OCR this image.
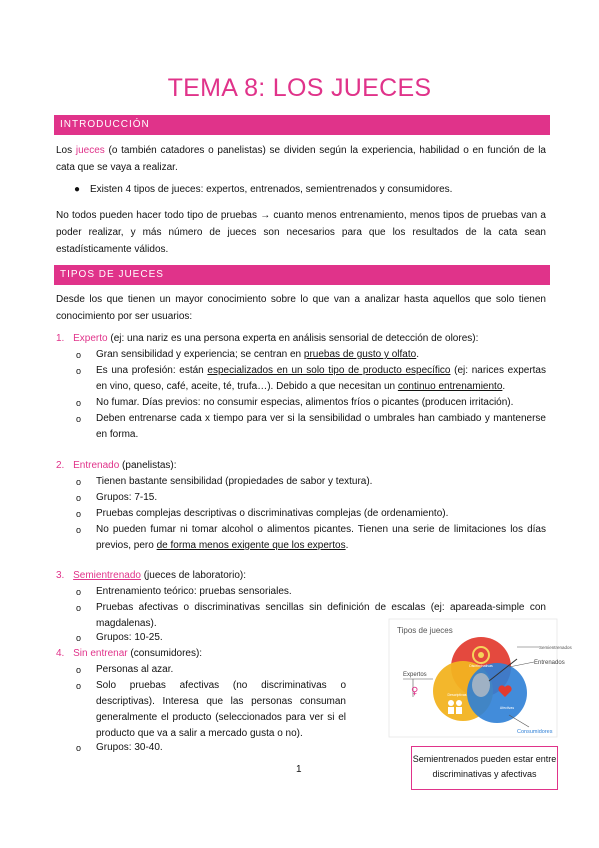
TEMA 8: LOS JUECES
INTRODUCCIÓN
Los jueces (o también catadores o panelistas) se dividen según la experiencia, habilidad o en función de la cata que se vaya a realizar.
● Existen 4 tipos de jueces: expertos, entrenados, semientrenados y consumidores.
No todos pueden hacer todo tipo de pruebas → cuanto menos entrenamiento, menos tipos de pruebas van a poder realizar, y más número de jueces son necesarios para que los resultados de la cata sean estadísticamente válidos.
TIPOS DE JUECES
Desde los que tienen un mayor conocimiento sobre lo que van a analizar hasta aquellos que solo tienen conocimiento por ser usuarios:
1. Experto (ej: una nariz es una persona experta en análisis sensorial de detección de olores):
o Gran sensibilidad y experiencia; se centran en pruebas de gusto y olfato.
o Es una profesión: están especializados en un solo tipo de producto específico (ej: narices expertas en vino, queso, café, aceite, té, trufa…). Debido a que necesitan un continuo entrenamiento.
o No fumar. Días previos: no consumir especias, alimentos fríos o picantes (producen irritación).
o Deben entrenarse cada x tiempo para ver si la sensibilidad o umbrales han cambiado y mantenerse en forma.
2. Entrenado (panelistas):
o Tienen bastante sensibilidad (propiedades de sabor y textura).
o Grupos: 7-15.
o Pruebas complejas descriptivas o discriminativas complejas (de ordenamiento).
o No pueden fumar ni tomar alcohol o alimentos picantes. Tienen una serie de limitaciones los días previos, pero de forma menos exigente que los expertos.
3. Semientrenado (jueces de laboratorio):
o Entrenamiento teórico: pruebas sensoriales.
o Pruebas afectivas o discriminativas sencillas sin definición de escalas (ej: apareada-simple con magdalenas).
o Grupos: 10-25.
4. Sin entrenar (consumidores):
o Personas al azar.
o Solo pruebas afectivas (no discriminativas o descriptivas). Interesa que las personas consuman generalmente el producto (seleccionados para ver si el producto que va a salir a mercado gusta o no).
o Grupos: 30-40.
Tipos de jueces
Discriminativas
Descriptivas
Afectivas
Semientrenados
Entrenados
Expertos
♀
Consumidores
1
Semientrenados pueden estar entre discriminativas y afectivas
